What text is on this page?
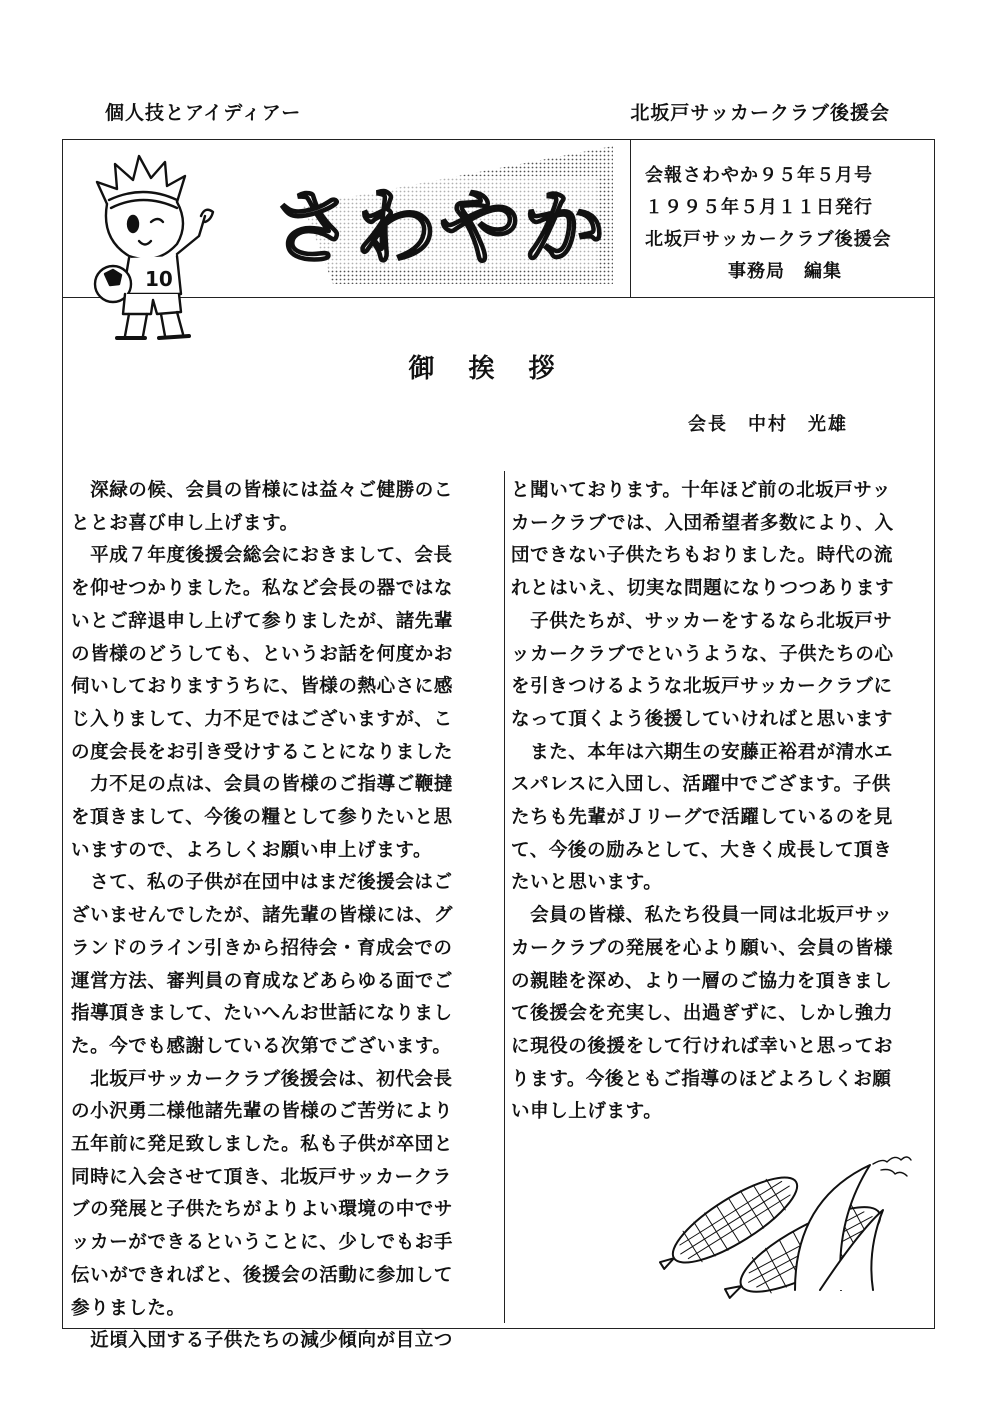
個人技とアイディアー	北坂戸サッカークラブ後援会
10
さわやか
会報さわやか９５年５月号
１９９５年５月１１日発行
北坂戸サッカークラブ後援会
事務局　編集
御挨拶
会長　中村　光雄

　深緑の候、会員の皆様には益々ご健勝のこ

ととお喜び申し上げます。

　平成７年度後援会総会におきまして、会長

を仰せつかりました。私など会長の器ではな

いとご辞退申し上げて参りましたが、諸先輩

の皆様のどうしても、というお話を何度かお

伺いしておりますうちに、皆様の熱心さに感

じ入りまして、力不足ではございますが、こ

の度会長をお引き受けすることになりました

　力不足の点は、会員の皆様のご指導ご鞭撻

を頂きまして、今後の糧として参りたいと思

いますので、よろしくお願い申上げます。

　さて、私の子供が在団中はまだ後援会はご

ざいませんでしたが、諸先輩の皆様には、グ

ランドのライン引きから招待会・育成会での

運営方法、審判員の育成などあらゆる面でご

指導頂きまして、たいへんお世話になりまし

た。今でも感謝している次第でございます。

　北坂戸サッカークラブ後援会は、初代会長

の小沢勇二様他諸先輩の皆様のご苦労により

五年前に発足致しました。私も子供が卒団と

同時に入会させて頂き、北坂戸サッカークラ

ブの発展と子供たちがよりよい環境の中でサ

ッカーができるということに、少しでもお手

伝いができればと、後援会の活動に参加して

参りました。

　近頃入団する子供たちの減少傾向が目立つ

と聞いております。十年ほど前の北坂戸サッ

カークラブでは、入団希望者多数により、入

団できない子供たちもおりました。時代の流

れとはいえ、切実な問題になりつつあります

　子供たちが、サッカーをするなら北坂戸サ

ッカークラブでというような、子供たちの心

を引きつけるような北坂戸サッカークラブに

なって頂くよう後援していければと思います

　また、本年は六期生の安藤正裕君が清水エ

スパレスに入団し、活躍中でござます。子供

たちも先輩がＪリーグで活躍しているのを見

て、今後の励みとして、大きく成長して頂き

たいと思います。

　会員の皆様、私たち役員一同は北坂戸サッ

カークラブの発展を心より願い、会員の皆様

の親睦を深め、より一層のご協力を頂きまし

て後援会を充実し、出過ぎずに、しかし強力

に現役の後援をして行ければ幸いと思ってお

ります。今後ともご指導のほどよろしくお願

い申し上げます。
